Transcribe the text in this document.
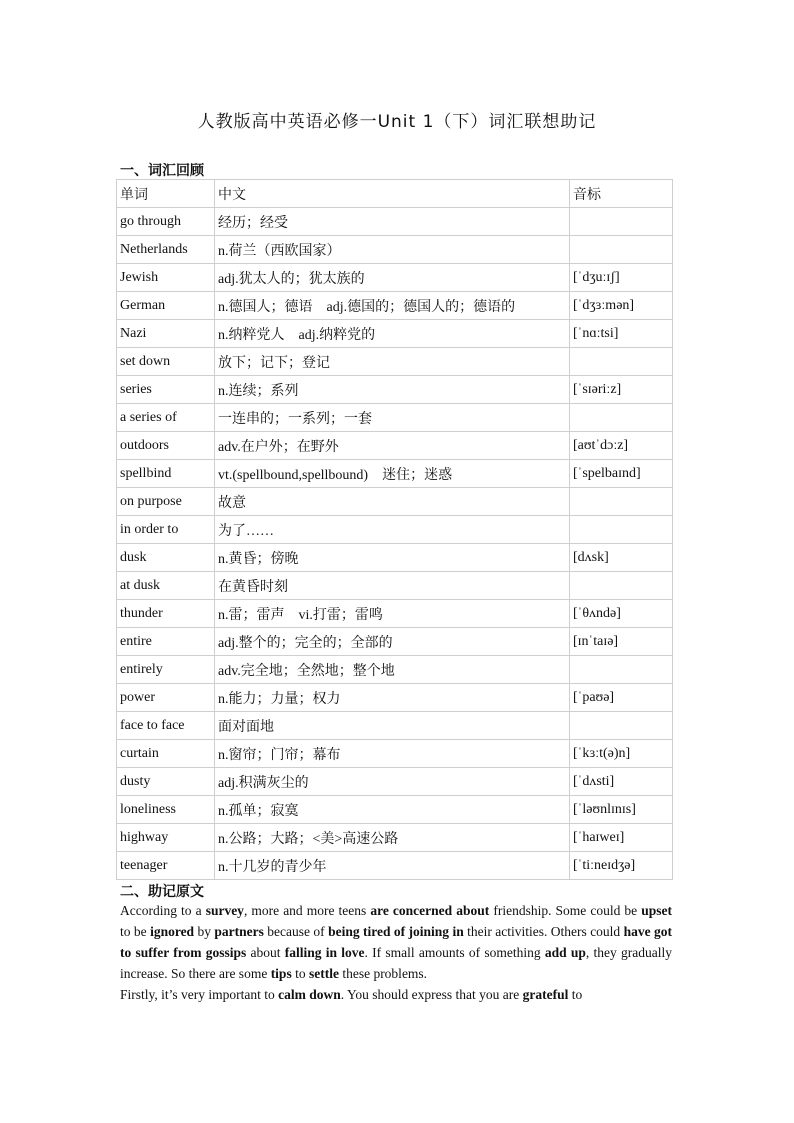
人教版高中英语必修一Unit 1（下）词汇联想助记
一、词汇回顾
单词	中文	音标
go through	经历；经受	
Netherlands	n.荷兰（西欧国家）	
Jewish	adj.犹太人的；犹太族的	[ˈdʒuːɪʃ]
German	n.德国人；德语　adj.德国的；德国人的；德语的	[ˈdʒɜːmən]
Nazi	n.纳粹党人　adj.纳粹党的	[ˈnɑːtsi]
set down	放下；记下；登记	
series	n.连续；系列	[ˈsɪəriːz]
a series of	一连串的；一系列；一套	
outdoors	adv.在户外；在野外	[aʊtˈdɔːz]
spellbind	vt.(spellbound,spellbound)　迷住；迷惑	[ˈspelbaɪnd]
on purpose	故意	
in order to	为了……	
dusk	n.黄昏；傍晚	[dʌsk]
at dusk	在黄昏时刻	
thunder	n.雷；雷声　vi.打雷；雷鸣	[ˈθʌndə]
entire	adj.整个的；完全的；全部的	[ɪnˈtaɪə]
entirely	adv.完全地；全然地；整个地	
power	n.能力；力量；权力	[ˈpaʊə]
face to face	面对面地	
curtain	n.窗帘；门帘；幕布	[ˈkɜːt(ə)n]
dusty	adj.积满灰尘的	[ˈdʌsti]
loneliness	n.孤单；寂寞	[ˈləʊnlɪnɪs]
highway	n.公路；大路；<美>高速公路	[ˈhaɪweɪ]
teenager	n.十几岁的青少年	[ˈtiːneɪdʒə]
二、助记原文

According to a survey, more and more teens are concerned about friendship. Some could be upset to be ignored by partners because of being tired of joining in their activities. Others could have got to suffer from gossips about falling in love. If small amounts of something add up, they gradually increase. So there are some tips to settle these problems.

Firstly, it’s very important to calm down. You should express that you are grateful to
